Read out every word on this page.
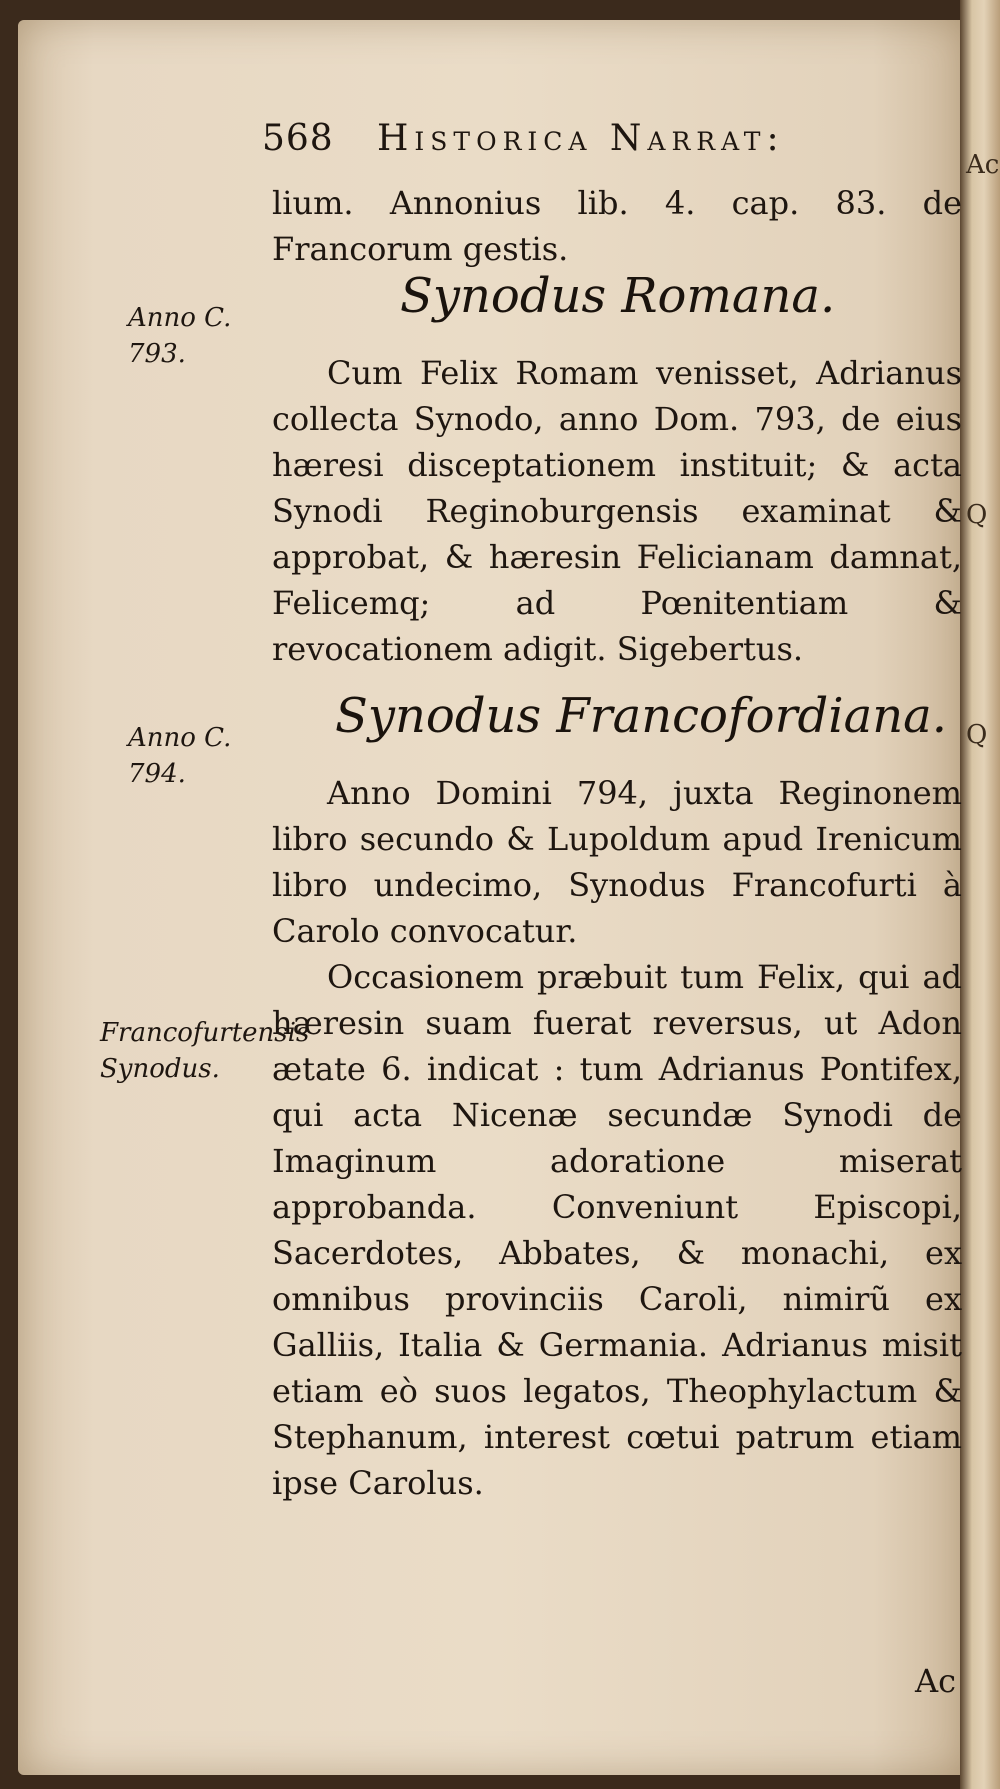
Ac
Q
Q
568 Historica Narrat:

lium. Annonius lib. 4. cap. 83. de Francorum gestis.

Synodus Romana.
Anno C. 793.	Cum Felix Romam venisset, Adrianus collecta Synodo, anno Dom. 793, de eius hæresi disceptationem instituit; & acta Synodi Reginoburgensis examinat & approbat, & hæresin Felicianam damnat, Felicemq; ad Pœnitentiam & revocationem adigit. Sigebertus.

Synodus Francofordiana.
Anno C. 794.	Anno Domini 794, juxta Reginonem libro secundo & Lupoldum apud Irenicum libro undecimo, Synodus Francofurti à Carolo convocatur.

Occasionem præbuit tum Felix, qui ad hæresin suam fuerat reversus, ut Adon ætate 6. indicat : tum Adrianus Pontifex, qui acta Nicenæ secundæ Synodi de Imaginum adoratione miserat approbanda. Conveniunt Episcopi, Sacerdotes, Abbates, & monachi, ex omnibus provinciis Caroli, nimirũ ex Galliis, Italia & Germania. Adrianus misit etiam eò suos legatos, Theophylactum & Stephanum, interest cœtui patrum etiam ipse Carolus.

Francofurtensis Synodus.
Ac
